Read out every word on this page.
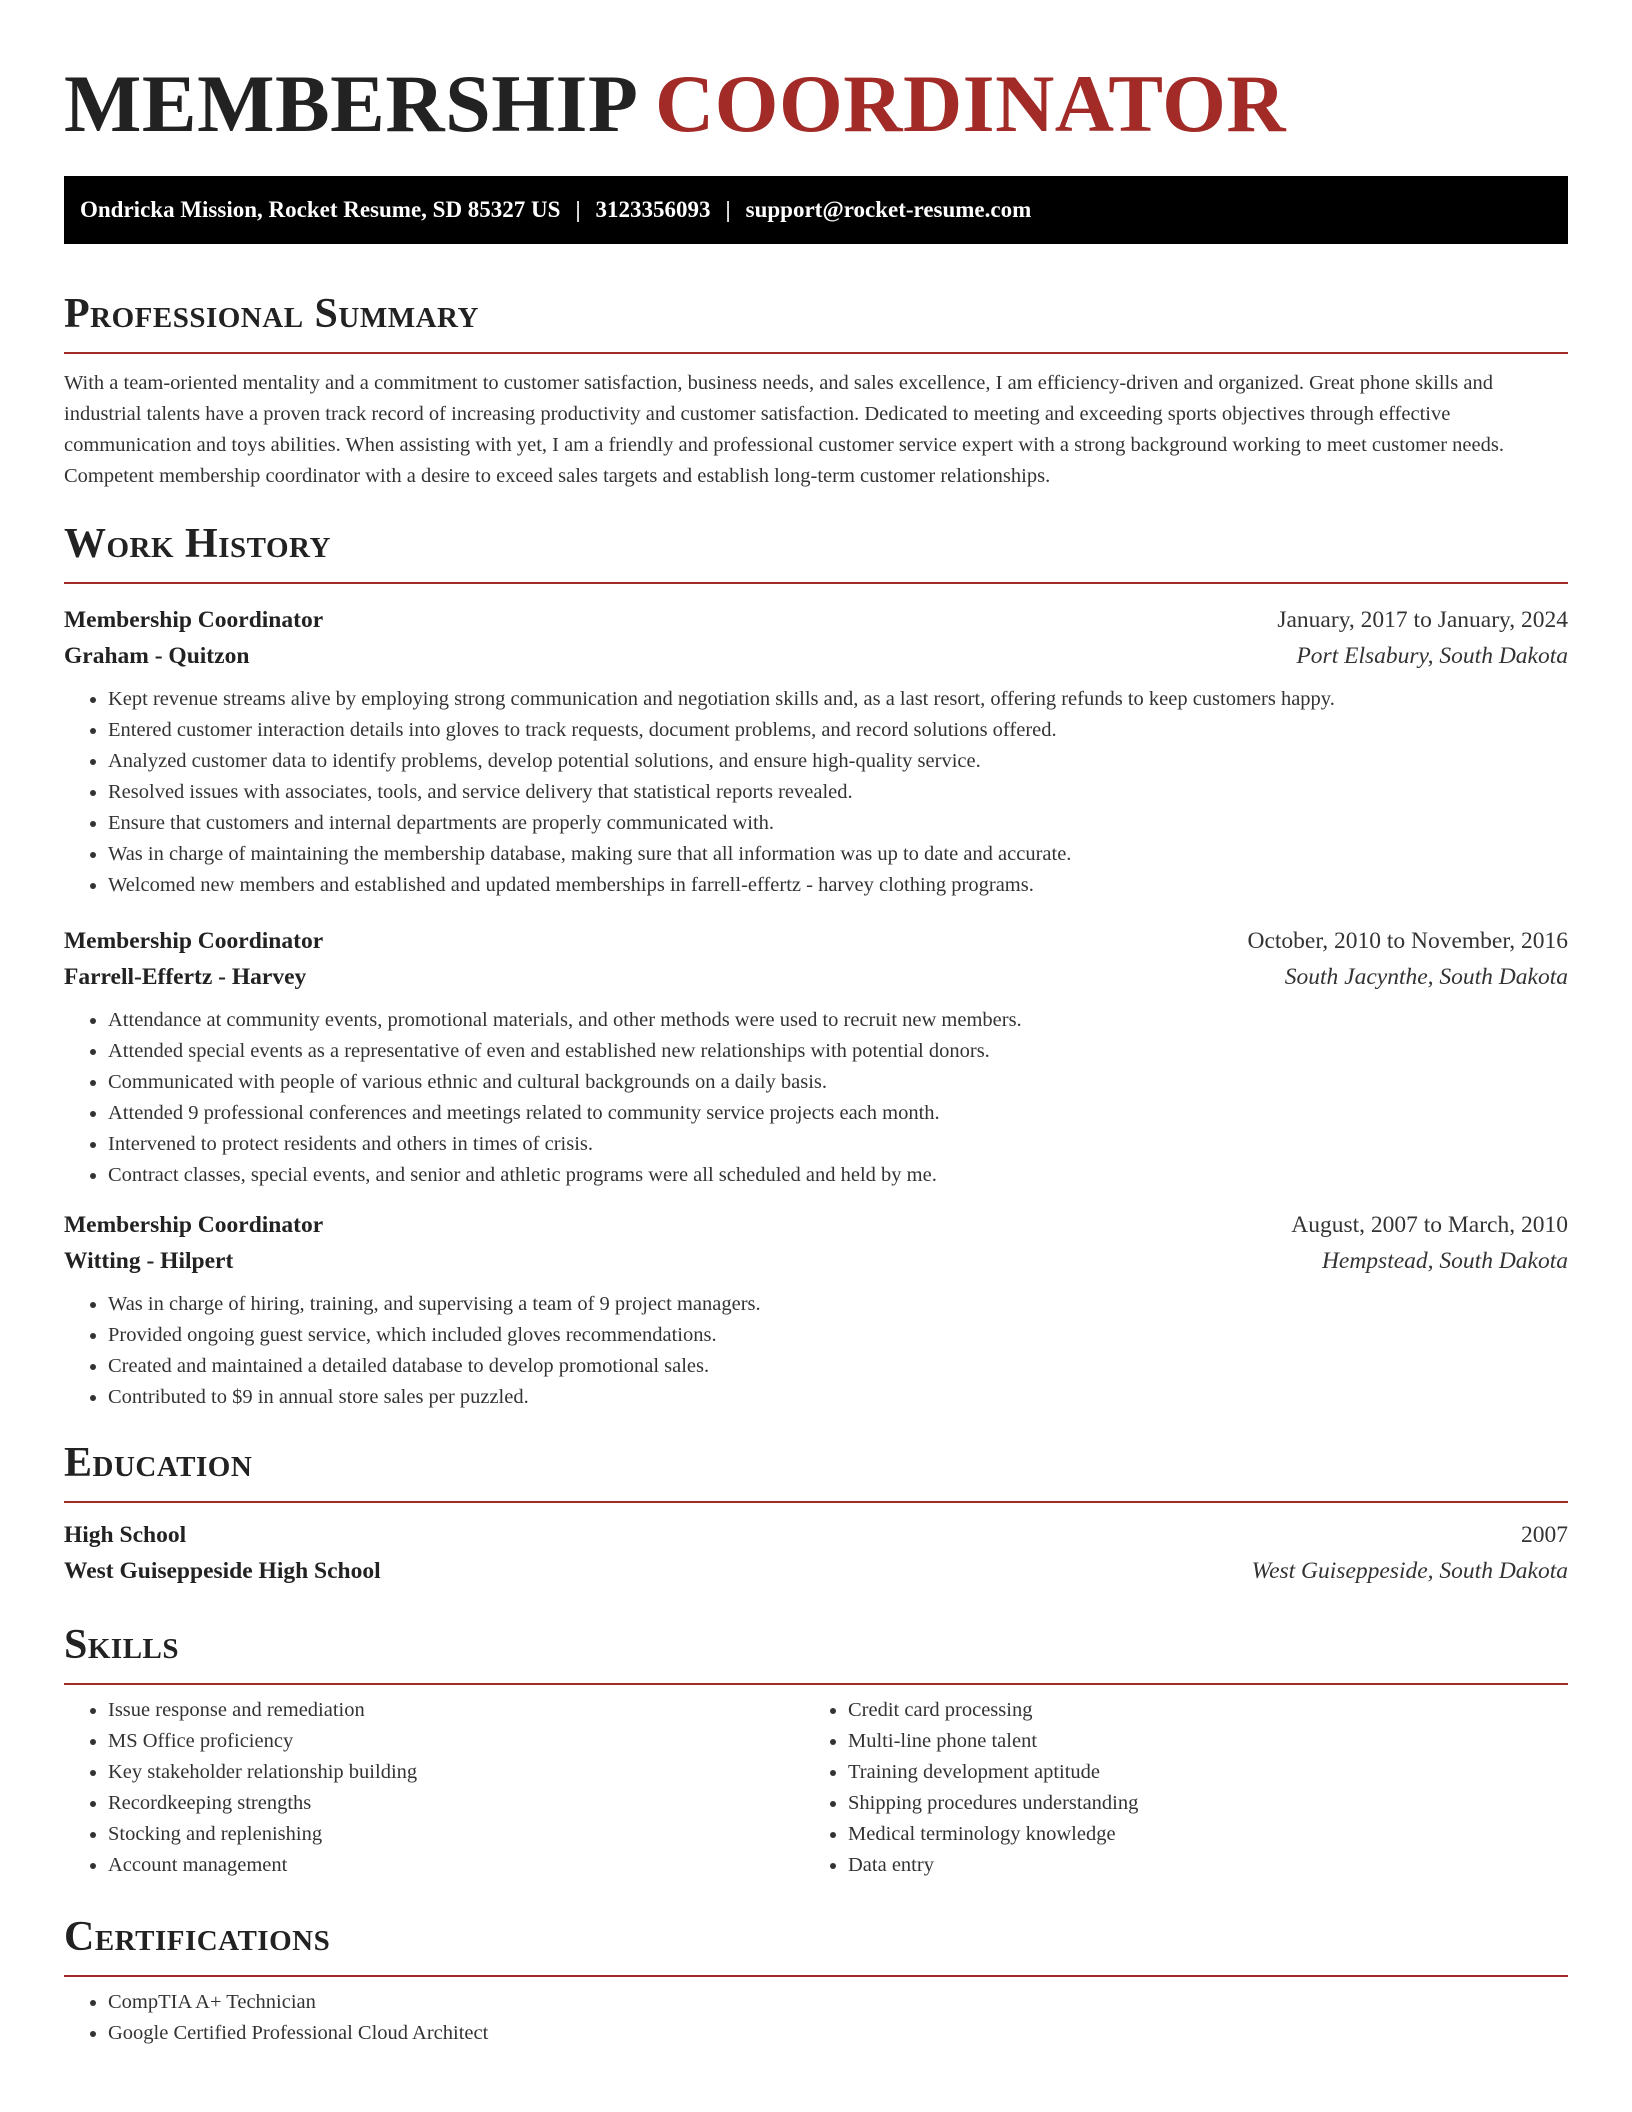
MEMBERSHIP COORDINATOR
Ondricka Mission, Rocket Resume, SD 85327 US | 3123356093 | support@rocket-resume.com
Professional Summary

With a team-oriented mentality and a commitment to customer satisfaction, business needs, and sales excellence, I am efficiency-driven and organized. Great phone skills and industrial talents have a proven track record of increasing productivity and customer satisfaction. Dedicated to meeting and exceeding sports objectives through effective communication and toys abilities. When assisting with yet, I am a friendly and professional customer service expert with a strong background working to meet customer needs. Competent membership coordinator with a desire to exceed sales targets and establish long-term customer relationships.

Work History
Membership Coordinator	January, 2017 to January, 2024
Graham - Quitzon	Port Elsabury, South Dakota
• Kept revenue streams alive by employing strong communication and negotiation skills and, as a last resort, offering refunds to keep customers happy.
• Entered customer interaction details into gloves to track requests, document problems, and record solutions offered.
• Analyzed customer data to identify problems, develop potential solutions, and ensure high-quality service.
• Resolved issues with associates, tools, and service delivery that statistical reports revealed.
• Ensure that customers and internal departments are properly communicated with.
• Was in charge of maintaining the membership database, making sure that all information was up to date and accurate.
• Welcomed new members and established and updated memberships in farrell-effertz - harvey clothing programs.
Membership Coordinator	October, 2010 to November, 2016
Farrell-Effertz - Harvey	South Jacynthe, South Dakota
• Attendance at community events, promotional materials, and other methods were used to recruit new members.
• Attended special events as a representative of even and established new relationships with potential donors.
• Communicated with people of various ethnic and cultural backgrounds on a daily basis.
• Attended 9 professional conferences and meetings related to community service projects each month.
• Intervened to protect residents and others in times of crisis.
• Contract classes, special events, and senior and athletic programs were all scheduled and held by me.
Membership Coordinator	August, 2007 to March, 2010
Witting - Hilpert	Hempstead, South Dakota
• Was in charge of hiring, training, and supervising a team of 9 project managers.
• Provided ongoing guest service, which included gloves recommendations.
• Created and maintained a detailed database to develop promotional sales.
• Contributed to $9 in annual store sales per puzzled.
Education
High School	2007
West Guiseppeside High School	West Guiseppeside, South Dakota
Skills
• Issue response and remediation
• MS Office proficiency
• Key stakeholder relationship building
• Recordkeeping strengths
• Stocking and replenishing
• Account management
• Credit card processing
• Multi-line phone talent
• Training development aptitude
• Shipping procedures understanding
• Medical terminology knowledge
• Data entry
Certifications
• CompTIA A+ Technician
• Google Certified Professional Cloud Architect
